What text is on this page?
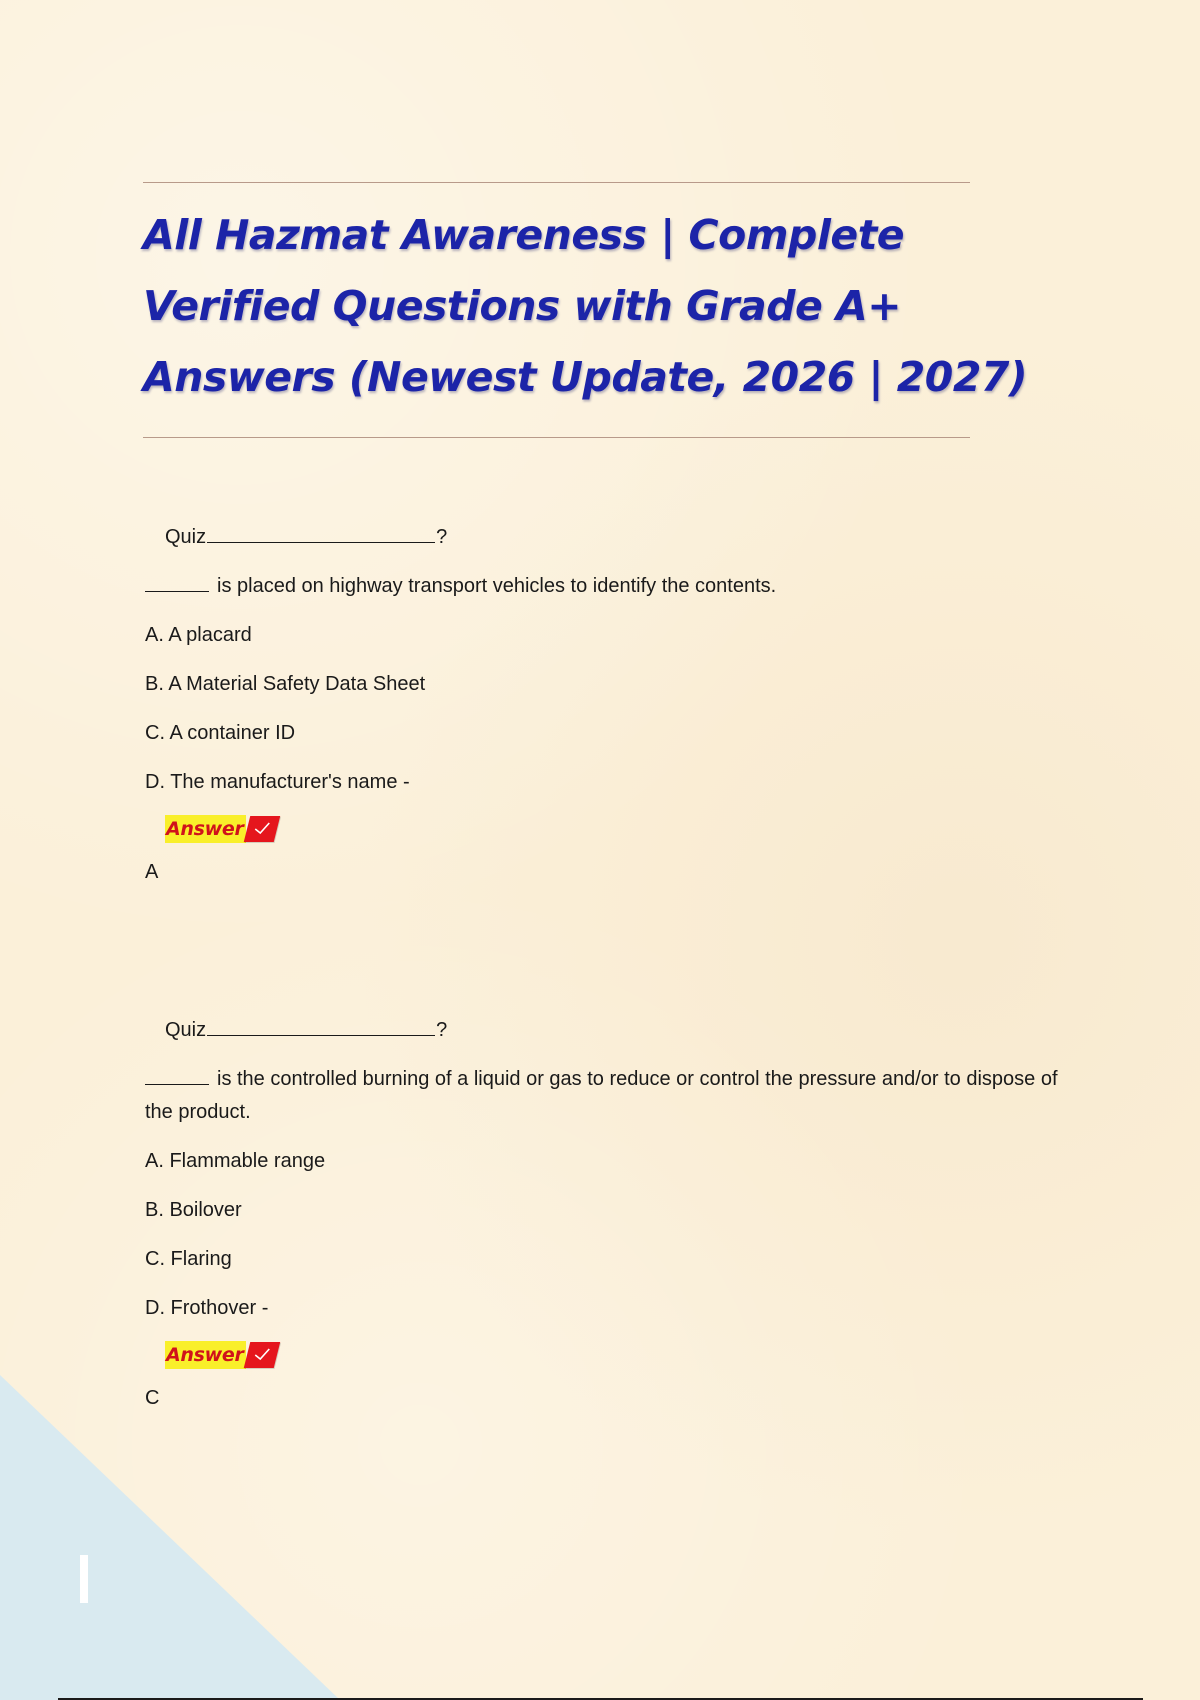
All Hazmat Awareness | Complete
Verified Questions with Grade A+
Answers (Newest Update, 2026 | 2027)
Quiz	?
is placed on highway transport vehicles to identify the contents.
A. A placard
B. A Material Safety Data Sheet
C. A container ID
D. The manufacturer's name -
Answer
A
Quiz	?
is the controlled burning of a liquid or gas to reduce or control the pressure and/or to dispose of the product.
A. Flammable range
B. Boilover
C. Flaring
D. Frothover -
Answer
C
